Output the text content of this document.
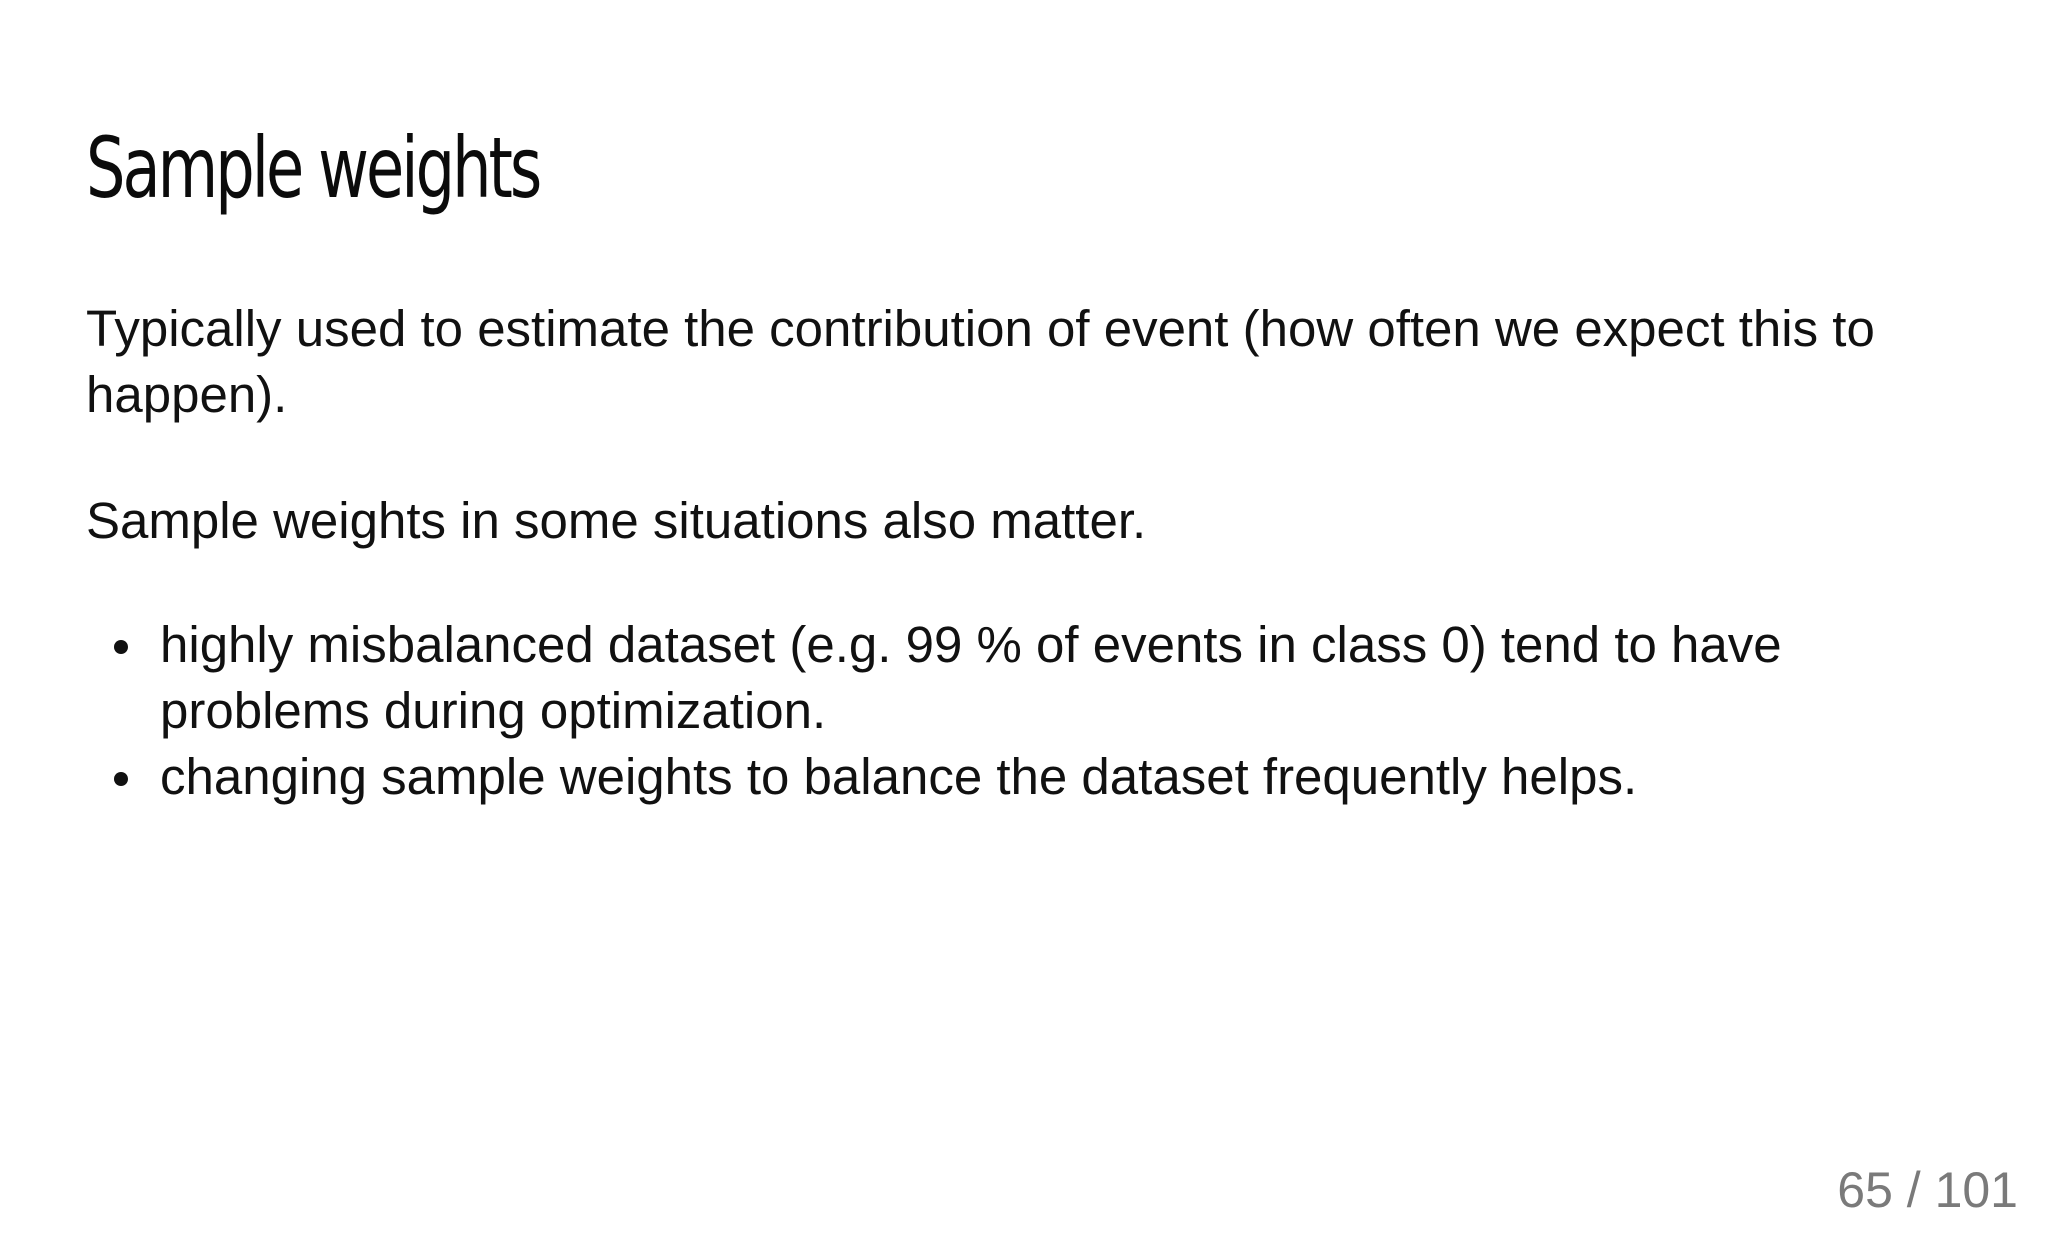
Sample weights

Typically used to estimate the contribution of event (how often we expect this to happen).

Sample weights in some situations also matter.

highly misbalanced dataset (e.g. 99 % of events in class 0) tend to have problems during optimization.
changing sample weights to balance the dataset frequently helps.
65 / 101
